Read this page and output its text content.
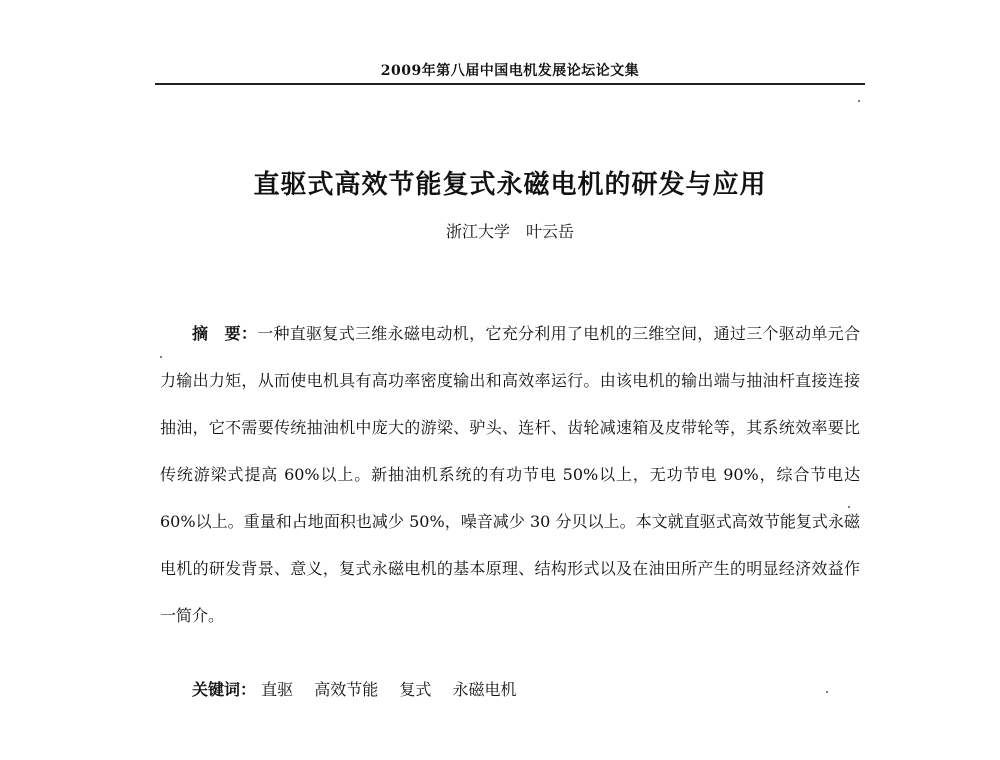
2009年第八届中国电机发展论坛论文集
直驱式高效节能复式永磁电机的研发与应用
浙江大学　叶云岳

摘　要：一种直驱复式三维永磁电动机，它充分利用了电机的三维空间，通过三个驱动单元合力输出力矩，从而使电机具有高功率密度输出和高效率运行。由该电机的输出端与抽油杆直接连接抽油，它不需要传统抽油机中庞大的游梁、驴头、连杆、齿轮减速箱及皮带轮等，其系统效率要比传统游梁式提高 60%以上。新抽油机系统的有功节电 50%以上，无功节电 90%，综合节电达 60%以上。重量和占地面积也减少 50%，噪音减少 30 分贝以上。本文就直驱式高效节能复式永磁电机的研发背景、意义，复式永磁电机的基本原理、结构形式以及在油田所产生的明显经济效益作一简介。

关键词： 直驱 高效节能 复式 永磁电机
